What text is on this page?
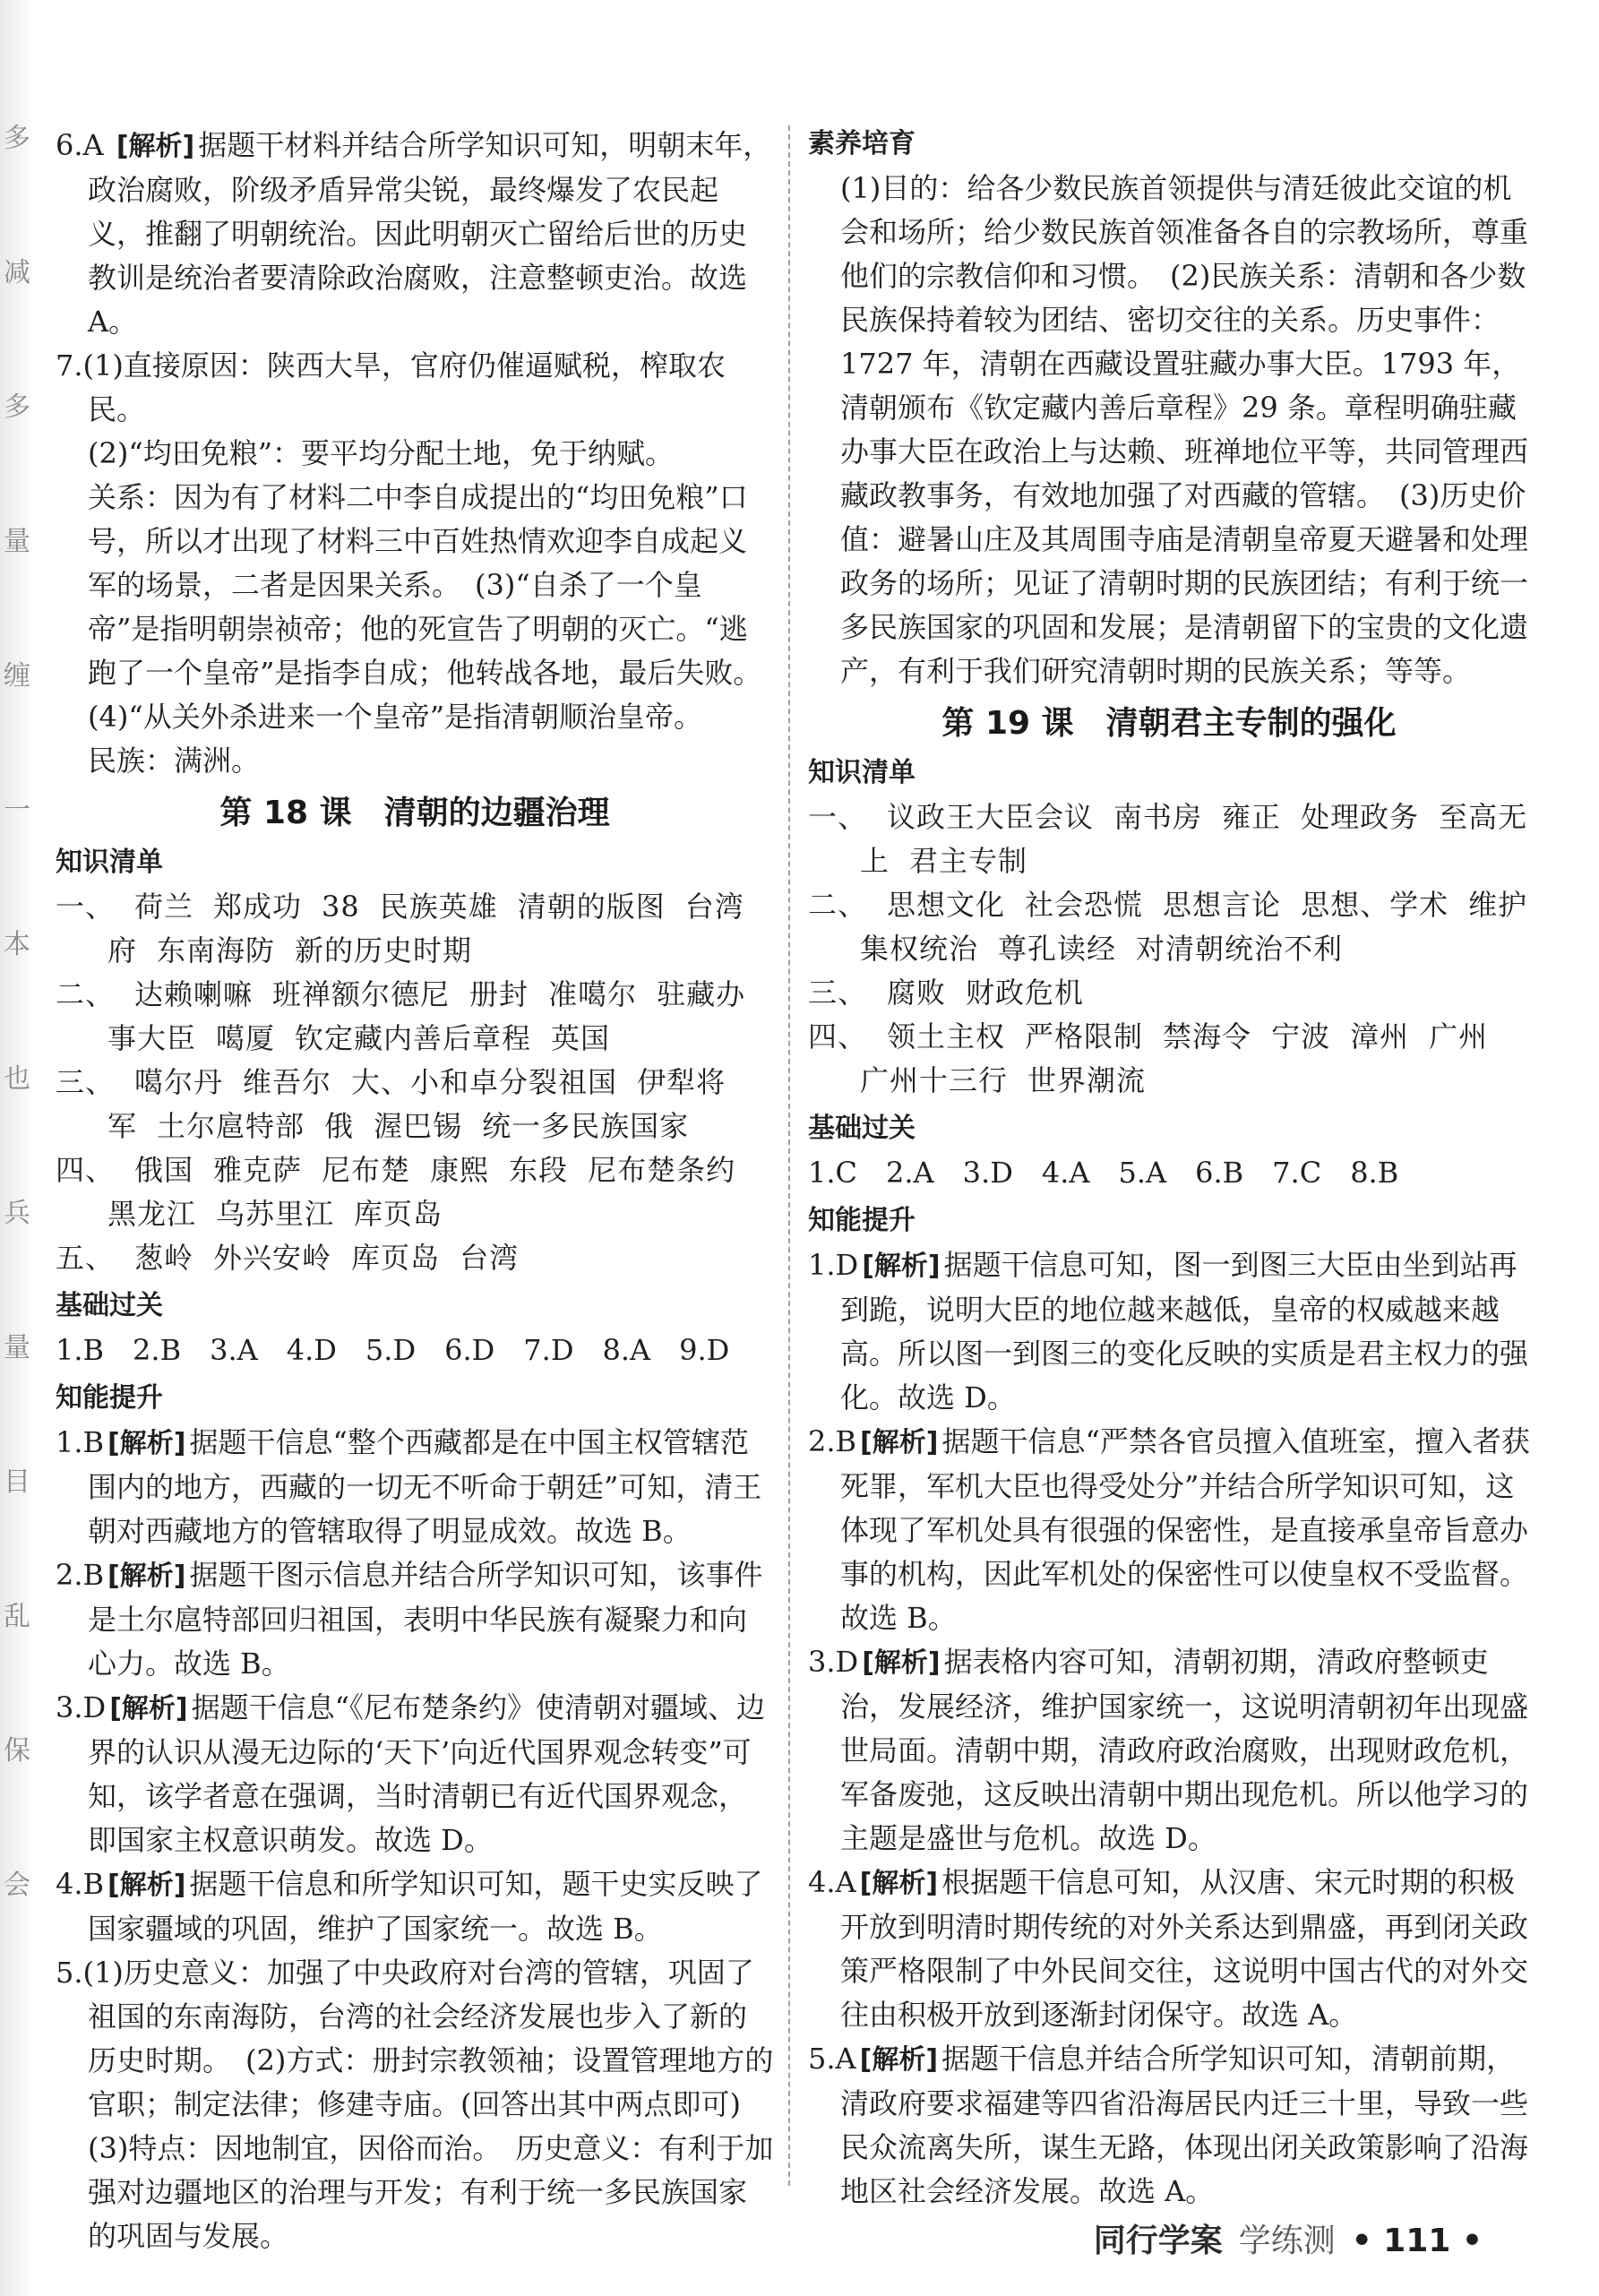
多
减
多
量
缠
一
本
也
兵
量
目
乱
保
会

6.A [解析] 据题干材料并结合所学知识可知，明朝末年，政治腐败，阶级矛盾异常尖锐，最终爆发了农民起义，推翻了明朝统治。因此明朝灭亡留给后世的历史教训是统治者要清除政治腐败，注意整顿吏治。故选 A。

7.(1)直接原因：陕西大旱，官府仍催逼赋税，榨取农民。

(2)“均田免粮”：要平均分配土地，免于纳赋。

关系：因为有了材料二中李自成提出的“均田免粮”口号，所以才出现了材料三中百姓热情欢迎李自成起义军的场景，二者是因果关系。　(3)“自杀了一个皇帝”是指明朝崇祯帝；他的死宣告了明朝的灭亡。“逃跑了一个皇帝”是指李自成；他转战各地，最后失败。

(4)“从关外杀进来一个皇帝”是指清朝顺治皇帝。

民族：满洲。

第 18 课　清朝的边疆治理
知识清单

一、 荷兰 郑成功 38 民族英雄 清朝的版图 台湾府 东南海防 新的历史时期

二、 达赖喇嘛 班禅额尔德尼 册封 准噶尔 驻藏办事大臣 噶厦 钦定藏内善后章程 英国

三、 噶尔丹 维吾尔 大、小和卓分裂祖国 伊犁将军 土尔扈特部 俄 渥巴锡 统一多民族国家

四、 俄国 雅克萨 尼布楚 康熙 东段 尼布楚条约黑龙江 乌苏里江 库页岛

五、 葱岭 外兴安岭 库页岛 台湾

基础过关

1.B　2.B　3.A　4.D　5.D　6.D　7.D　8.A　9.D

知能提升

1.B [解析] 据题干信息“整个西藏都是在中国主权管辖范围内的地方，西藏的一切无不听命于朝廷”可知，清王朝对西藏地方的管辖取得了明显成效。故选 B。

2.B [解析] 据题干图示信息并结合所学知识可知，该事件是土尔扈特部回归祖国，表明中华民族有凝聚力和向心力。故选 B。

3.D [解析] 据题干信息“《尼布楚条约》使清朝对疆域、边界的认识从漫无边际的‘天下’向近代国界观念转变”可知，该学者意在强调，当时清朝已有近代国界观念，即国家主权意识萌发。故选 D。

4.B [解析] 据题干信息和所学知识可知，题干史实反映了国家疆域的巩固，维护了国家统一。故选 B。

5.(1)历史意义：加强了中央政府对台湾的管辖，巩固了祖国的东南海防，台湾的社会经济发展也步入了新的历史时期。　(2)方式：册封宗教领袖；设置管理地方的官职；制定法律；修建寺庙。(回答出其中两点即可)　(3)特点：因地制宜，因俗而治。　历史意义：有利于加强对边疆地区的治理与开发；有利于统一多民族国家的巩固与发展。

素养培育

(1)目的：给各少数民族首领提供与清廷彼此交谊的机会和场所；给少数民族首领准备各自的宗教场所，尊重他们的宗教信仰和习惯。　(2)民族关系：清朝和各少数民族保持着较为团结、密切交往的关系。历史事件：1727 年，清朝在西藏设置驻藏办事大臣。1793 年，清朝颁布《钦定藏内善后章程》29 条。章程明确驻藏办事大臣在政治上与达赖、班禅地位平等，共同管理西藏政教事务，有效地加强了对西藏的管辖。　(3)历史价值：避暑山庄及其周围寺庙是清朝皇帝夏天避暑和处理政务的场所；见证了清朝时期的民族团结；有利于统一多民族国家的巩固和发展；是清朝留下的宝贵的文化遗产，有利于我们研究清朝时期的民族关系；等等。

第 19 课　清朝君主专制的强化
知识清单

一、 议政王大臣会议 南书房 雍正 处理政务 至高无上 君主专制

二、 思想文化 社会恐慌 思想言论 思想、学术 维护集权统治 尊孔读经 对清朝统治不利

三、 腐败 财政危机

四、 领土主权 严格限制 禁海令 宁波 漳州 广州广州十三行 世界潮流

基础过关

1.C　2.A　3.D　4.A　5.A　6.B　7.C　8.B

知能提升

1.D [解析] 据题干信息可知，图一到图三大臣由坐到站再到跪，说明大臣的地位越来越低，皇帝的权威越来越高。所以图一到图三的变化反映的实质是君主权力的强化。故选 D。

2.B [解析] 据题干信息“严禁各官员擅入值班室，擅入者获死罪，军机大臣也得受处分”并结合所学知识可知，这体现了军机处具有很强的保密性，是直接承皇帝旨意办事的机构，因此军机处的保密性可以使皇权不受监督。故选 B。

3.D [解析] 据表格内容可知，清朝初期，清政府整顿吏治，发展经济，维护国家统一，这说明清朝初年出现盛世局面。清朝中期，清政府政治腐败，出现财政危机，军备废弛，这反映出清朝中期出现危机。所以他学习的主题是盛世与危机。故选 D。

4.A [解析] 根据题干信息可知，从汉唐、宋元时期的积极开放到明清时期传统的对外关系达到鼎盛，再到闭关政策严格限制了中外民间交往，这说明中国古代的对外交往由积极开放到逐渐封闭保守。故选 A。

5.A [解析] 据题干信息并结合所学知识可知，清朝前期，清政府要求福建等四省沿海居民内迁三十里，导致一些民众流离失所，谋生无路，体现出闭关政策影响了沿海地区社会经济发展。故选 A。

同行学案 学练测 • 111 •
